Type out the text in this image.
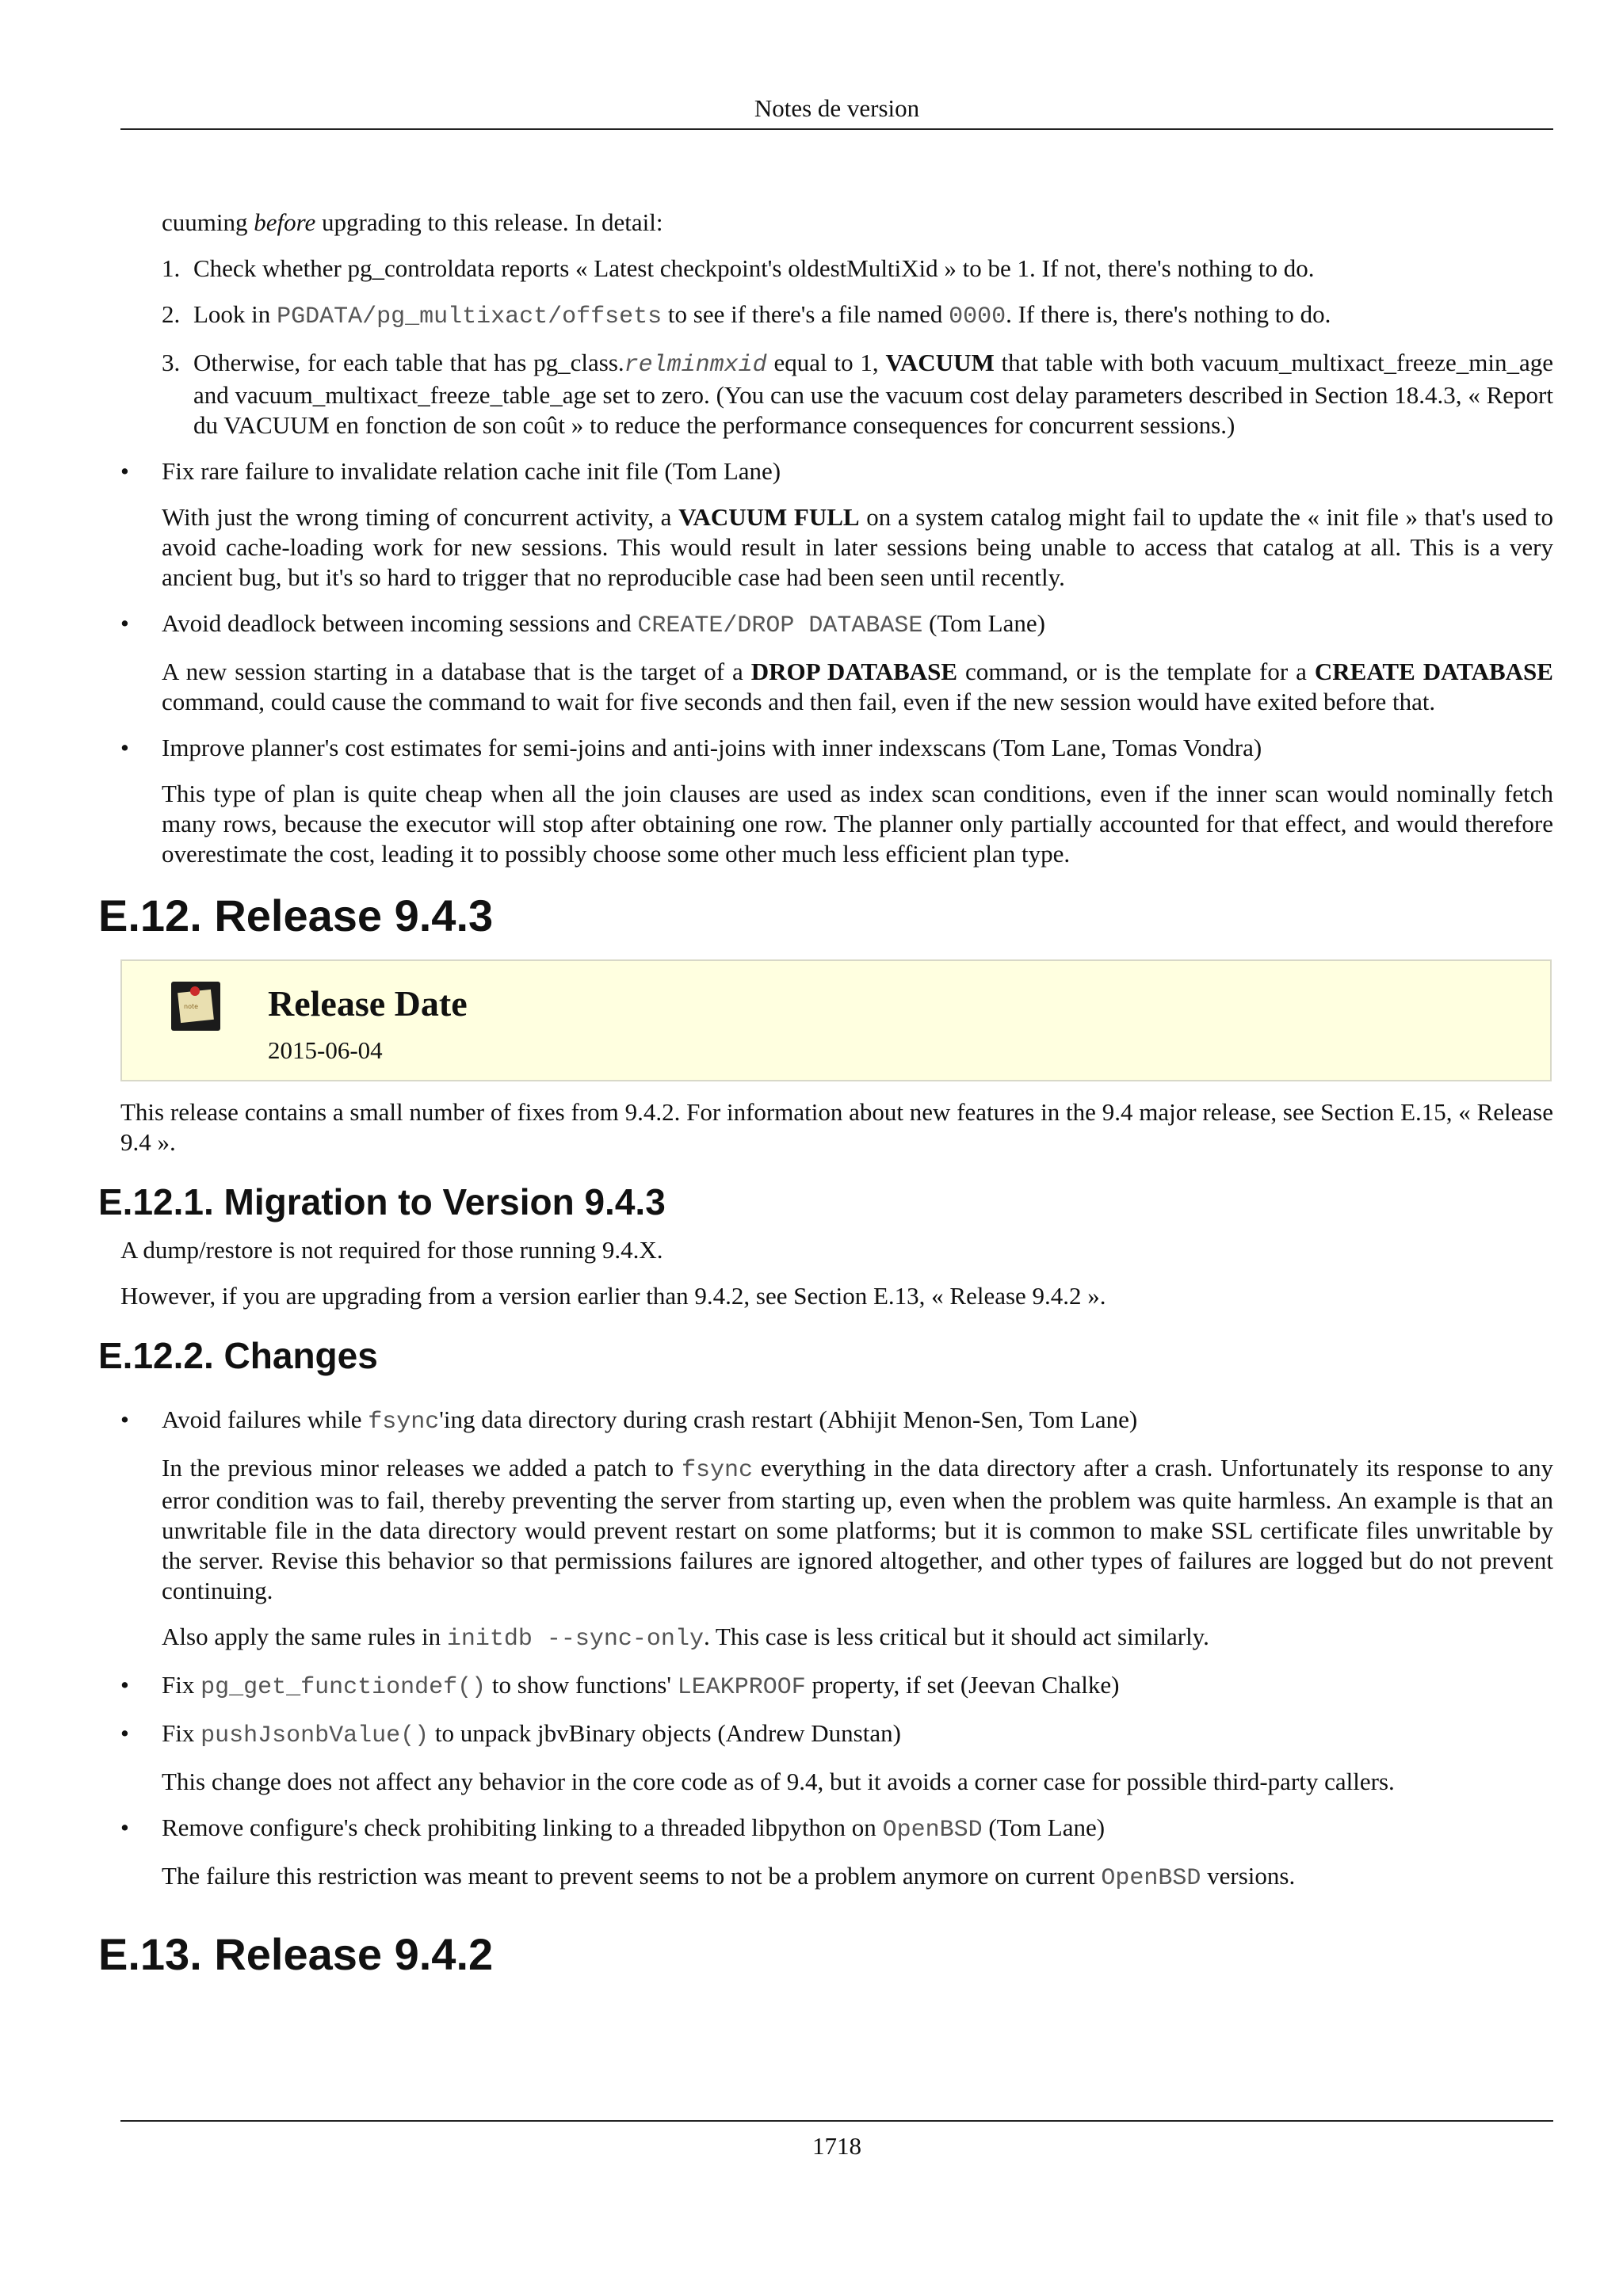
Notes de version

cuuming before upgrading to this release. In detail:

1. Check whether pg_controldata reports « Latest checkpoint's oldestMultiXid » to be 1. If not, there's nothing to do.
2. Look in PGDATA/pg_multixact/offsets to see if there's a file named 0000. If there is, there's nothing to do.
3. Otherwise, for each table that has pg_class.relminmxid equal to 1, VACUUM that table with both vacuum_multixact_freeze_min_age and vacuum_multixact_freeze_table_age set to zero. (You can use the vacuum cost delay parameters described in Section 18.4.3, « Report du VACUUM en fonction de son coût » to reduce the performance consequences for concurrent sessions.)
• Fix rare failure to invalidate relation cache init file (Tom Lane)

With just the wrong timing of concurrent activity, a VACUUM FULL on a system catalog might fail to update the « init file » that's used to avoid cache-loading work for new sessions. This would result in later sessions being unable to access that catalog at all. This is a very ancient bug, but it's so hard to trigger that no reproducible case had been seen until recently.

• Avoid deadlock between incoming sessions and CREATE/DROP DATABASE (Tom Lane)

A new session starting in a database that is the target of a DROP DATABASE command, or is the template for a CREATE DATABASE command, could cause the command to wait for five seconds and then fail, even if the new session would have exited before that.

• Improve planner's cost estimates for semi-joins and anti-joins with inner indexscans (Tom Lane, Tomas Vondra)

This type of plan is quite cheap when all the join clauses are used as index scan conditions, even if the inner scan would nominally fetch many rows, because the executor will stop after obtaining one row. The planner only partially accounted for that effect, and would therefore overestimate the cost, leading it to possibly choose some other much less efficient plan type.

E.12. Release 9.4.3
note Release Date
2015-06-04

This release contains a small number of fixes from 9.4.2. For information about new features in the 9.4 major release, see Section E.15, « Release 9.4 ».

E.12.1. Migration to Version 9.4.3

A dump/restore is not required for those running 9.4.X.

However, if you are upgrading from a version earlier than 9.4.2, see Section E.13, « Release 9.4.2 ».

E.12.2. Changes
• Avoid failures while fsync'ing data directory during crash restart (Abhijit Menon-Sen, Tom Lane)

In the previous minor releases we added a patch to fsync everything in the data directory after a crash. Unfortunately its response to any error condition was to fail, thereby preventing the server from starting up, even when the problem was quite harmless. An example is that an unwritable file in the data directory would prevent restart on some platforms; but it is common to make SSL certificate files unwritable by the server. Revise this behavior so that permissions failures are ignored altogether, and other types of failures are logged but do not prevent continuing.

Also apply the same rules in initdb --sync-only. This case is less critical but it should act similarly.

• Fix pg_get_functiondef() to show functions' LEAKPROOF property, if set (Jeevan Chalke)
• Fix pushJsonbValue() to unpack jbvBinary objects (Andrew Dunstan)

This change does not affect any behavior in the core code as of 9.4, but it avoids a corner case for possible third-party callers.

• Remove configure's check prohibiting linking to a threaded libpython on OpenBSD (Tom Lane)

The failure this restriction was meant to prevent seems to not be a problem anymore on current OpenBSD versions.

E.13. Release 9.4.2
1718
